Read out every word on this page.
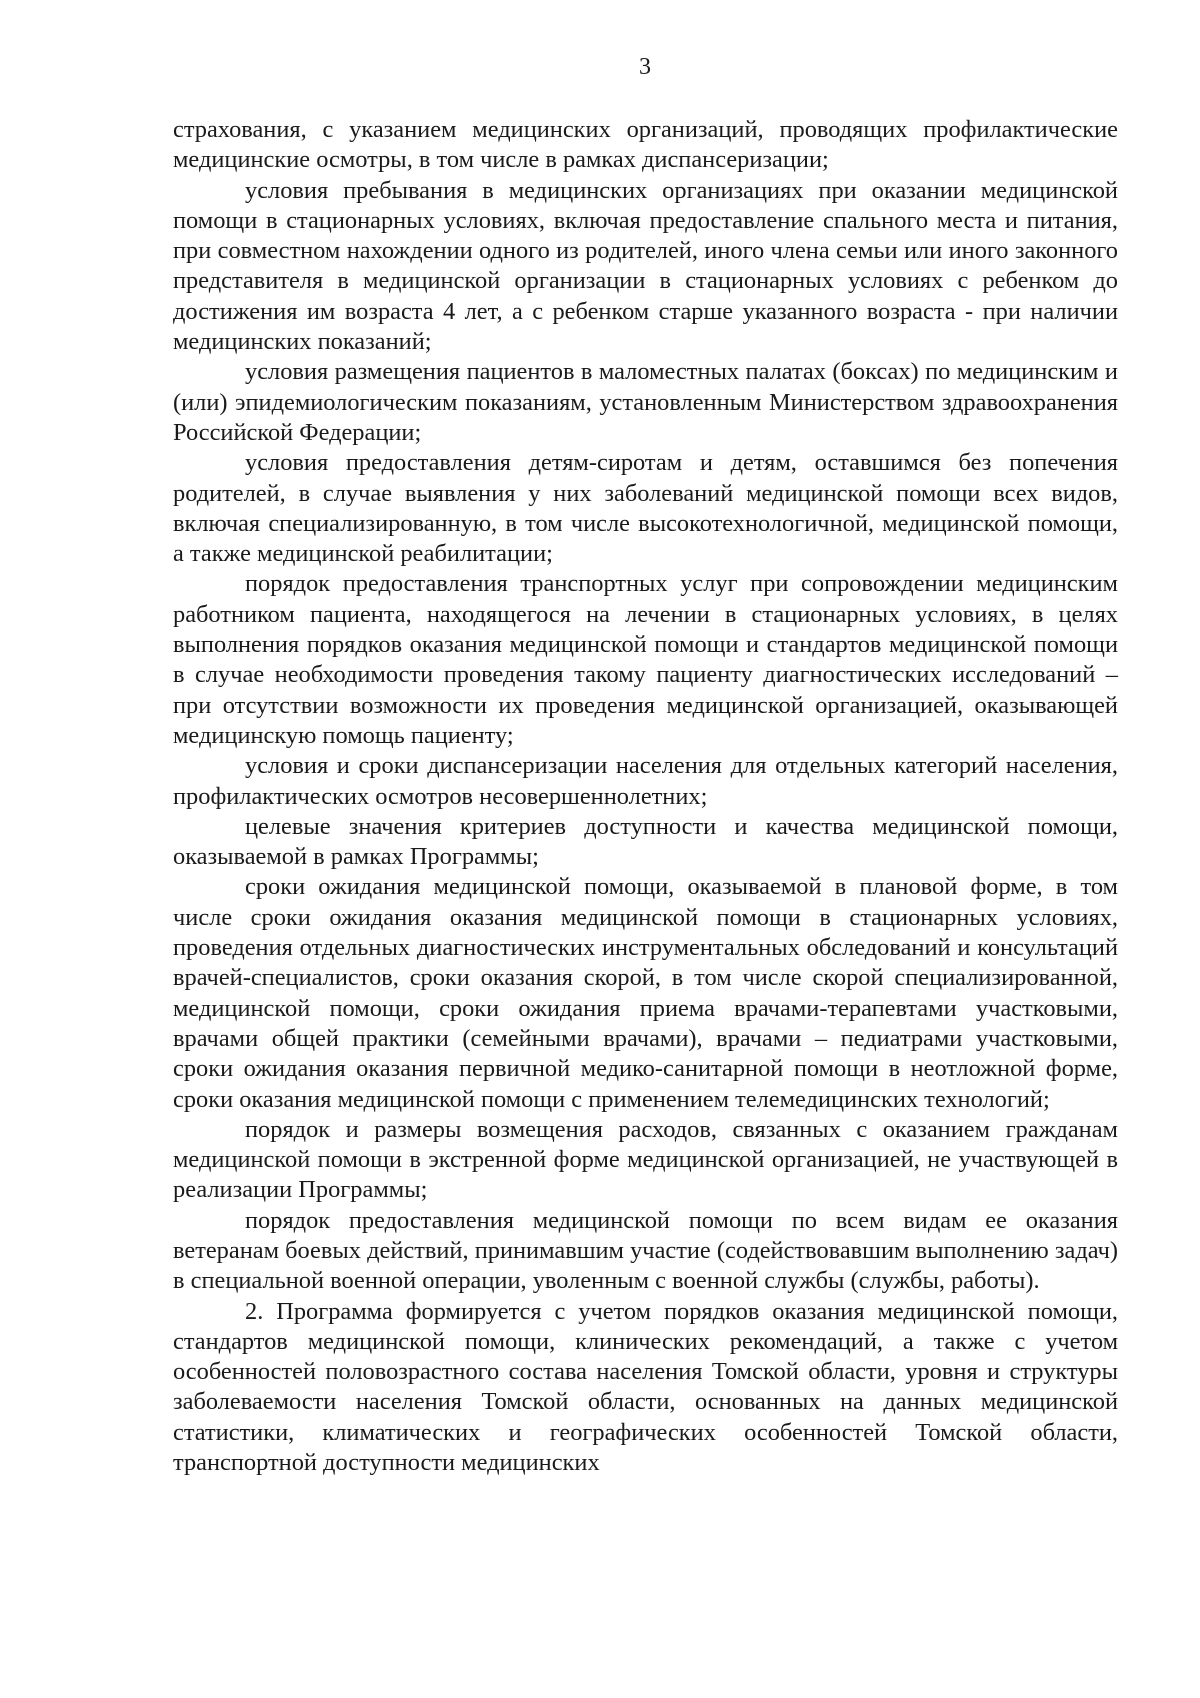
3

страхования, с указанием медицинских организаций, проводящих профилактические медицинские осмотры, в том числе в рамках диспансеризации;

условия пребывания в медицинских организациях при оказании медицинской помощи в стационарных условиях, включая предоставление спального места и питания, при совместном нахождении одного из родителей, иного члена семьи или иного законного представителя в медицинской организации в стационарных условиях с ребенком до достижения им возраста 4 лет, а с ребенком старше указанного возраста - при наличии медицинских показаний;

условия размещения пациентов в маломестных палатах (боксах) по медицинским и (или) эпидемиологическим показаниям, установленным Министерством здравоохранения Российской Федерации;

условия предоставления детям-сиротам и детям, оставшимся без попечения родителей, в случае выявления у них заболеваний медицинской помощи всех видов, включая специализированную, в том числе высокотехнологичной, медицинской помощи, а также медицинской реабилитации;

порядок предоставления транспортных услуг при сопровождении медицинским работником пациента, находящегося на лечении в стационарных условиях, в целях выполнения порядков оказания медицинской помощи и стандартов медицинской помощи в случае необходимости проведения такому пациенту диагностических исследований – при отсутствии возможности их проведения медицинской организацией, оказывающей медицинскую помощь пациенту;

условия и сроки диспансеризации населения для отдельных категорий населения, профилактических осмотров несовершеннолетних;

целевые значения критериев доступности и качества медицинской помощи, оказываемой в рамках Программы;

сроки ожидания медицинской помощи, оказываемой в плановой форме, в том числе сроки ожидания оказания медицинской помощи в стационарных условиях, проведения отдельных диагностических инструментальных обследований и консультаций врачей-специалистов, сроки оказания скорой, в том числе скорой специализированной, медицинской помощи, сроки ожидания приема врачами-терапевтами участковыми, врачами общей практики (семейными врачами), врачами – педиатрами участковыми, сроки ожидания оказания первичной медико-санитарной помощи в неотложной форме, сроки оказания медицинской помощи с применением телемедицинских технологий;

порядок и размеры возмещения расходов, связанных с оказанием гражданам медицинской помощи в экстренной форме медицинской организацией, не участвующей в реализации Программы;

порядок предоставления медицинской помощи по всем видам ее оказания ветеранам боевых действий, принимавшим участие (содействовавшим выполнению задач) в специальной военной операции, уволенным с военной службы (службы, работы).

2. Программа формируется с учетом порядков оказания медицинской помощи, стандартов медицинской помощи, клинических рекомендаций, а также с учетом особенностей половозрастного состава населения Томской области, уровня и структуры заболеваемости населения Томской области, основанных на данных медицинской статистики, климатических и географических особенностей Томской области, транспортной доступности медицинских
